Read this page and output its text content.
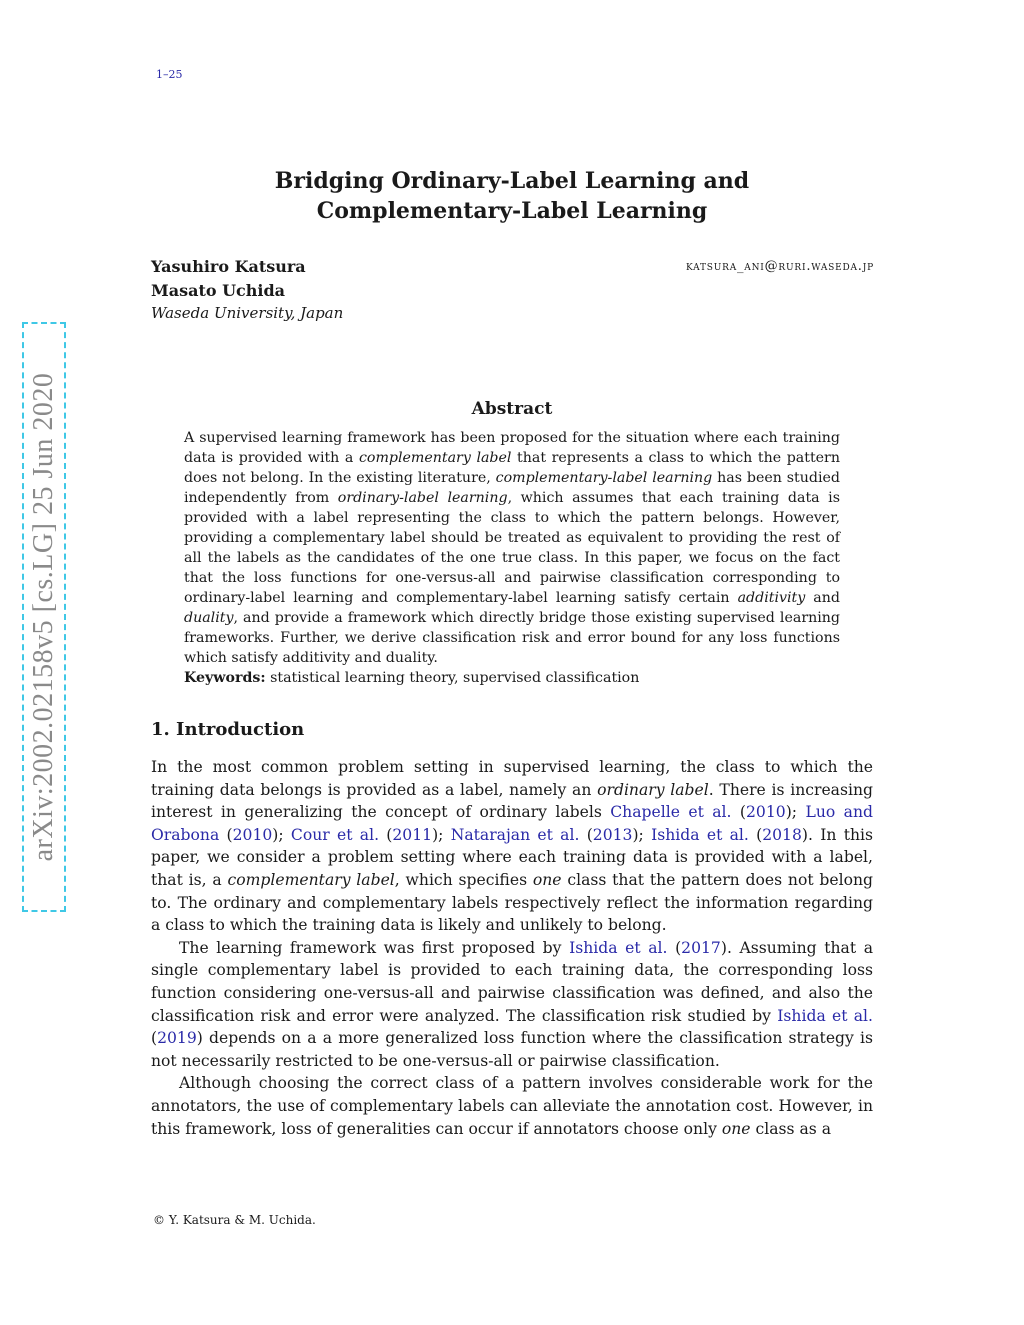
1–25
arXiv:2002.02158v5 [cs.LG] 25 Jun 2020
Bridging Ordinary-Label Learning and
Complementary-Label Learning
Yasuhiro Katsura
Masato Uchida
Waseda University, Japan
katsura_ani@ruri.waseda.jp
Abstract
A supervised learning framework has been proposed for the situation where each training data is provided with a complementary label that represents a class to which the pattern does not belong. In the existing literature, complementary-label learning has been studied independently from ordinary-label learning, which assumes that each training data is provided with a label representing the class to which the pattern belongs. However, providing a complementary label should be treated as equivalent to providing the rest of all the labels as the candidates of the one true class. In this paper, we focus on the fact that the loss functions for one-versus-all and pairwise classification corresponding to ordinary-label learning and complementary-label learning satisfy certain additivity and duality, and provide a framework which directly bridge those existing supervised learning frameworks. Further, we derive classification risk and error bound for any loss functions which satisfy additivity and duality.
Keywords: statistical learning theory, supervised classification
1. Introduction

In the most common problem setting in supervised learning, the class to which the training data belongs is provided as a label, namely an ordinary label. There is increasing interest in generalizing the concept of ordinary labels Chapelle et al. (2010); Luo and Orabona (2010); Cour et al. (2011); Natarajan et al. (2013); Ishida et al. (2018). In this paper, we consider a problem setting where each training data is provided with a label, that is, a complementary label, which specifies one class that the pattern does not belong to. The ordinary and complementary labels respectively reflect the information regarding a class to which the training data is likely and unlikely to belong.

The learning framework was first proposed by Ishida et al. (2017). Assuming that a single complementary label is provided to each training data, the corresponding loss function considering one-versus-all and pairwise classification was defined, and also the classification risk and error were analyzed. The classification risk studied by Ishida et al. (2019) depends on a a more generalized loss function where the classification strategy is not necessarily restricted to be one-versus-all or pairwise classification.

Although choosing the correct class of a pattern involves considerable work for the annotators, the use of complementary labels can alleviate the annotation cost. However, in this framework, loss of generalities can occur if annotators choose only one class as a

© Y. Katsura & M. Uchida.
